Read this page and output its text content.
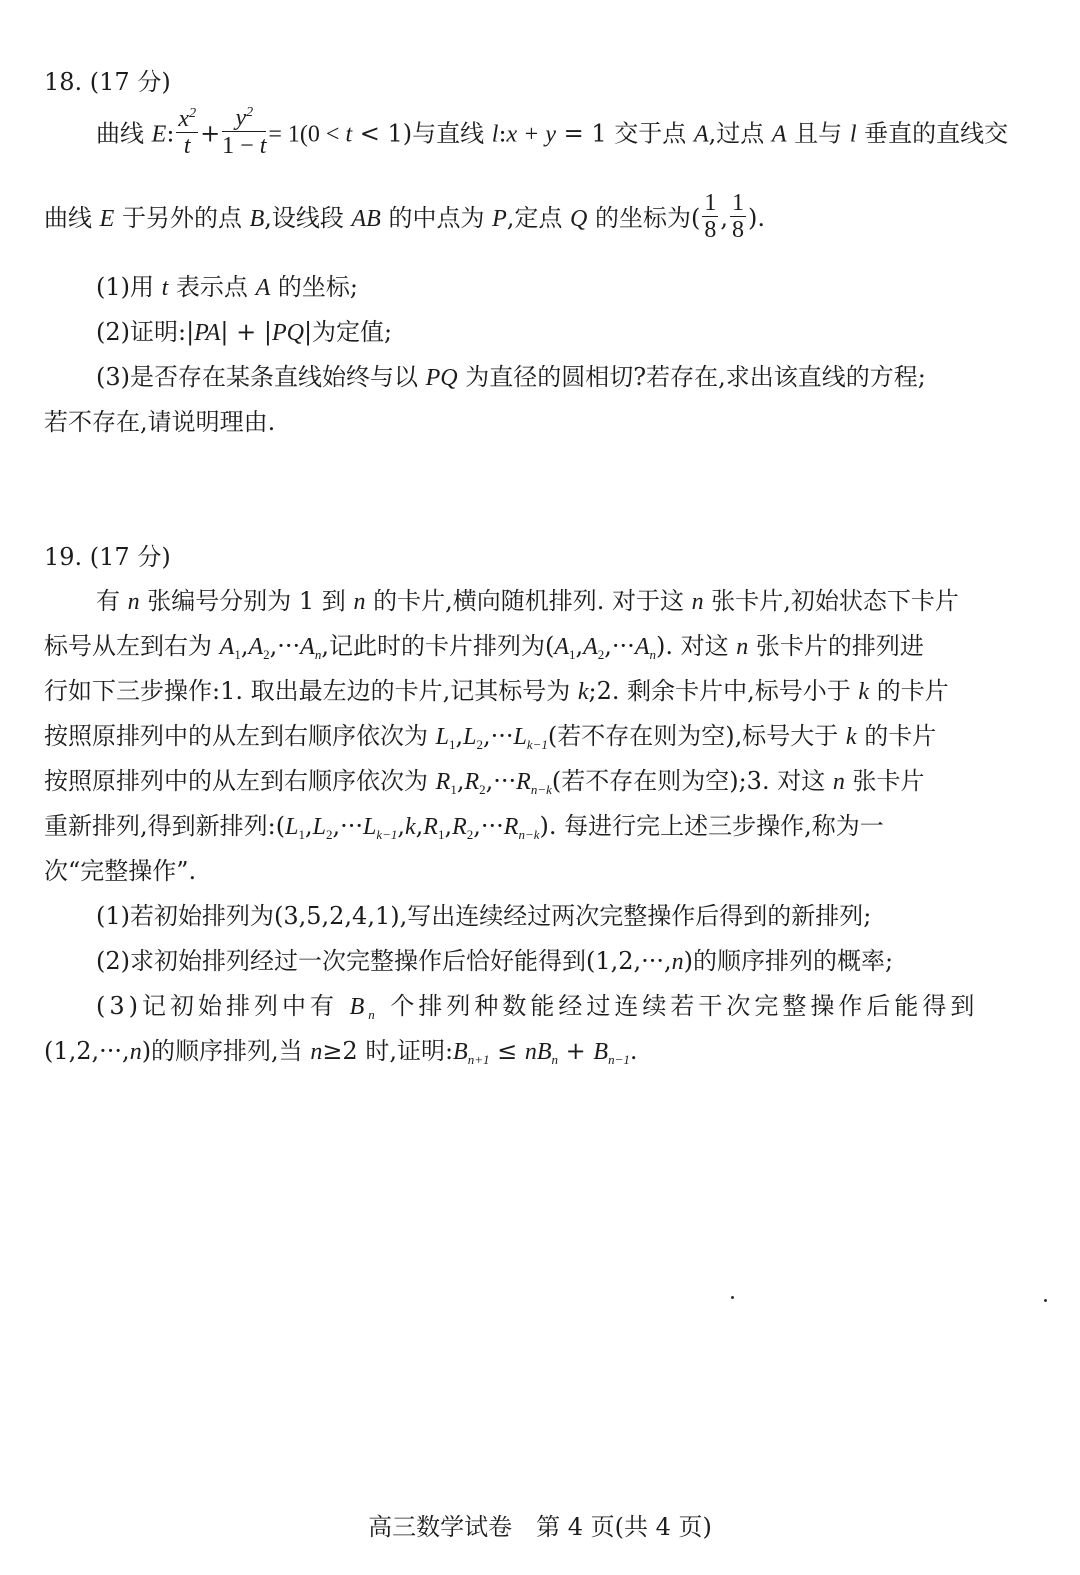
18. (17 分)
曲线 E: $\frac{x^2}{t} + \frac{y^2}{1 - t} = 1(0 < t < 1)$与直线 l:x + y = 1 交于点 A,过点 A 且与 l 垂直的直线交
曲线 E 于另外的点 B,设线段 AB 的中点为 P,定点 Q 的坐标为( $\frac{1}{8}$ , $\frac{1}{8}$ ).
(1)用 t 表示点 A 的坐标;
(2)证明:|PA| + |PQ|为定值;
(3)是否存在某条直线始终与以 PQ 为直径的圆相切?若存在,求出该直线的方程;
若不存在,请说明理由.
19. (17 分)
有 n 张编号分别为 1 到 n 的卡片,横向随机排列. 对于这 n 张卡片,初始状态下卡片
标号从左到右为 $A_1,A_2,\cdot\cdot\cdot A_n$,记此时的卡片排列为$(A_1,A_2,\cdot\cdot\cdot A_n)$. 对这 n 张卡片的排列进
行如下三步操作:1. 取出最左边的卡片,记其标号为 k;2. 剩余卡片中,标号小于 k 的卡片
按照原排列中的从左到右顺序依次为 $L_1,L_2,\cdot\cdot\cdot L_{k-1}$(若不存在则为空),标号大于 k 的卡片
按照原排列中的从左到右顺序依次为 $R_1,R_2,\cdot\cdot\cdot R_{n-k}$(若不存在则为空);3. 对这 n 张卡片
重新排列,得到新排列$:(L_1,L_2,\cdot\cdot\cdot L_{k-1},k,R_1,R_2,\cdot\cdot\cdot R_{n-k})$. 每进行完上述三步操作,称为一
次“完整操作”.
(1)若初始排列为(3,5,2,4,1),写出连续经过两次完整操作后得到的新排列;
(2)求初始排列经过一次完整操作后恰好能得到(1,2,···,n)的顺序排列的概率;
(3)记初始排列中有 $B_n$ 个排列种数能经过连续若干次完整操作后能得到
(1,2,···,n)的顺序排列,当 n≥2 时,证明$:B_{n+1} \le nB_n + B_{n-1}$.
高三数学试卷　第 4 页(共 4 页)
